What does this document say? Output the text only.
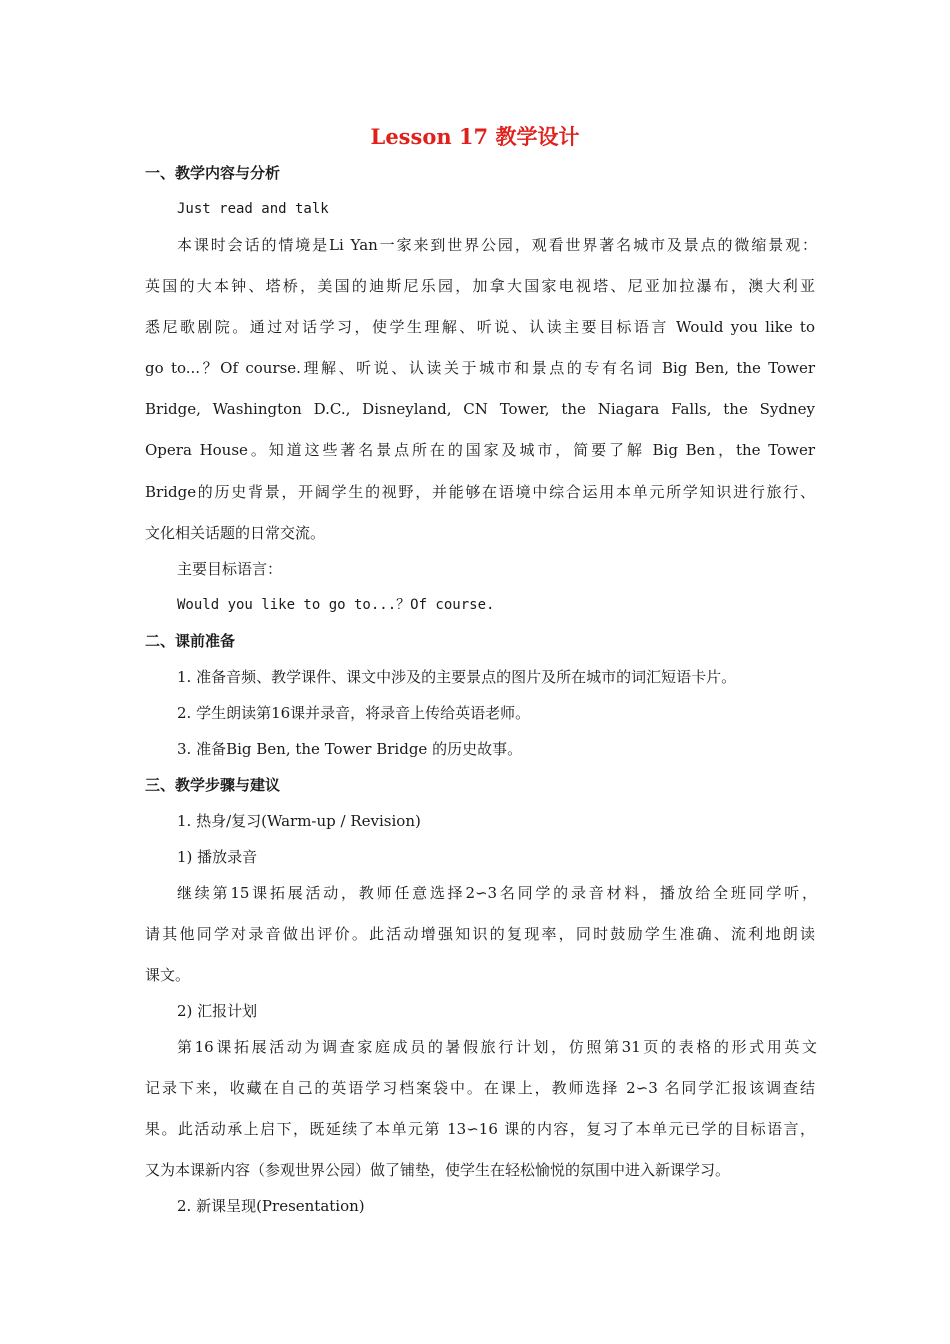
Lesson 17 教学设计
一、教学内容与分析
Just read and talk
本课时会话的情境是Li Yan一家来到世界公园，观看世界著名城市及景点的微缩景观：
英国的大本钟、塔桥，美国的迪斯尼乐园，加拿大国家电视塔、尼亚加拉瀑布，澳大利亚
悉尼歌剧院。通过对话学习，使学生理解、听说、认读主要目标语言 Would you like to
go to...？Of course.理解、听说、认读关于城市和景点的专有名词 Big Ben, the Tower
Bridge, Washington D.C., Disneyland, CN Tower, the Niagara Falls, the Sydney
Opera House。知道这些著名景点所在的国家及城市，简要了解 Big Ben，the Tower
Bridge的历史背景，开阔学生的视野，并能够在语境中综合运用本单元所学知识进行旅行、
文化相关话题的日常交流。
主要目标语言：
Would you like to go to...？Of course.
二、课前准备
1. 准备音频、教学课件、课文中涉及的主要景点的图片及所在城市的词汇短语卡片。
2. 学生朗读第16课并录音，将录音上传给英语老师。
3. 准备Big Ben, the Tower Bridge 的历史故事。
三、教学步骤与建议
1. 热身/复习(Warm-up / Revision)
1) 播放录音
继续第15课拓展活动，教师任意选择2∽3名同学的录音材料，播放给全班同学听，
请其他同学对录音做出评价。此活动增强知识的复现率，同时鼓励学生准确、流利地朗读
课文。
2) 汇报计划
第16课拓展活动为调查家庭成员的暑假旅行计划，仿照第31页的表格的形式用英文
记录下来，收藏在自己的英语学习档案袋中。在课上，教师选择 2∽3 名同学汇报该调查结
果。此活动承上启下，既延续了本单元第 13∽16 课的内容，复习了本单元已学的目标语言，
又为本课新内容（参观世界公园）做了铺垫，使学生在轻松愉悦的氛围中进入新课学习。
2. 新课呈现(Presentation)
